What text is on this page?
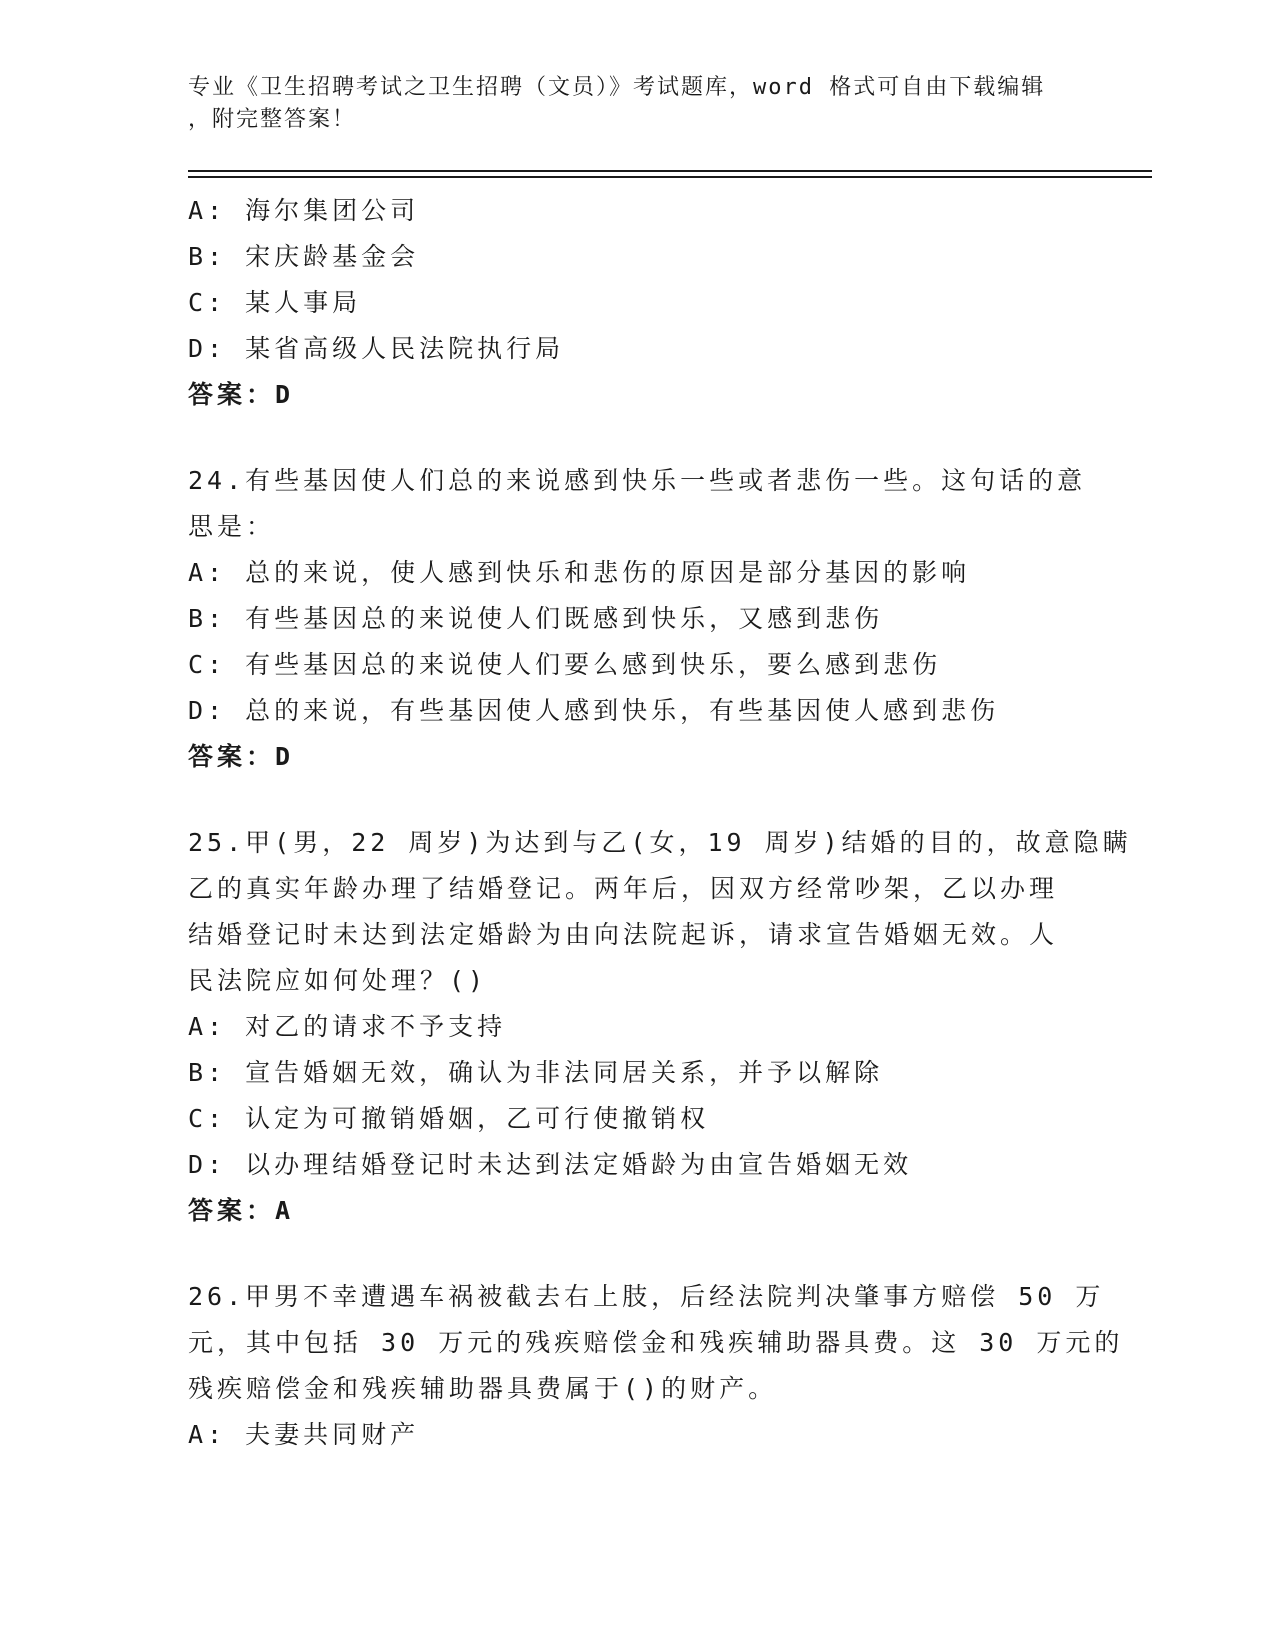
专业《卫生招聘考试之卫生招聘（文员）》考试题库，word 格式可自由下载编辑
，附完整答案！
A: 海尔集团公司
B: 宋庆龄基金会
C: 某人事局
D: 某省高级人民法院执行局
答案：D
24.有些基因使人们总的来说感到快乐一些或者悲伤一些。这句话的意
思是：
A: 总的来说，使人感到快乐和悲伤的原因是部分基因的影响
B: 有些基因总的来说使人们既感到快乐，又感到悲伤
C: 有些基因总的来说使人们要么感到快乐，要么感到悲伤
D: 总的来说，有些基因使人感到快乐，有些基因使人感到悲伤
答案：D
25.甲(男，22 周岁)为达到与乙(女，19 周岁)结婚的目的，故意隐瞒
乙的真实年龄办理了结婚登记。两年后，因双方经常吵架，乙以办理
结婚登记时未达到法定婚龄为由向法院起诉，请求宣告婚姻无效。人
民法院应如何处理？()
A: 对乙的请求不予支持
B: 宣告婚姻无效，确认为非法同居关系，并予以解除
C: 认定为可撤销婚姻，乙可行使撤销权
D: 以办理结婚登记时未达到法定婚龄为由宣告婚姻无效
答案：A
26.甲男不幸遭遇车祸被截去右上肢，后经法院判决肇事方赔偿 50 万
元，其中包括 30 万元的残疾赔偿金和残疾辅助器具费。这 30 万元的
残疾赔偿金和残疾辅助器具费属于()的财产。
A: 夫妻共同财产
